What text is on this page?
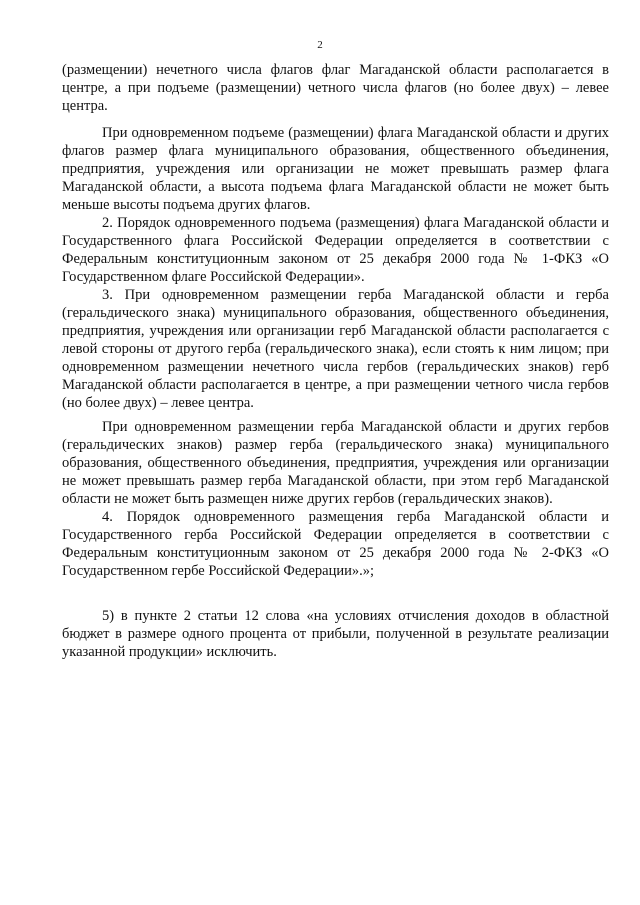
2

(размещении) нечетного числа флагов флаг Магаданской области располагается в центре, а при подъеме (размещении) четного числа флагов (но более двух) – левее центра.

При одновременном подъеме (размещении) флага Магаданской области и других флагов размер флага муниципального образования, общественного объединения, предприятия, учреждения или организации не может превышать размер флага Магаданской области, а высота подъема флага Магаданской области не может быть меньше высоты подъема других флагов.

2. Порядок одновременного подъема (размещения) флага Магаданской области и Государственного флага Российской Федерации определяется в соответствии с Федеральным конституционным законом от 25 декабря 2000 года № 1-ФКЗ «О Государственном флаге Российской Федерации».

3. При одновременном размещении герба Магаданской области и герба (геральдического знака) муниципального образования, общественного объединения, предприятия, учреждения или организации герб Магаданской области располагается с левой стороны от другого герба (геральдического знака), если стоять к ним лицом; при одновременном размещении нечетного числа гербов (геральдических знаков) герб Магаданской области располагается в центре, а при размещении четного числа гербов (но более двух) – левее центра.

При одновременном размещении герба Магаданской области и других гербов (геральдических знаков) размер герба (геральдического знака) муниципального образования, общественного объединения, предприятия, учреждения или организации не может превышать размер герба Магаданской области, при этом герб Магаданской области не может быть размещен ниже других гербов (геральдических знаков).

4. Порядок одновременного размещения герба Магаданской области и Государственного герба Российской Федерации определяется в соответствии с Федеральным конституционным законом от 25 декабря 2000 года № 2-ФКЗ «О Государственном гербе Российской Федерации».»;

5) в пункте 2 статьи 12 слова «на условиях отчисления доходов в областной бюджет в размере одного процента от прибыли, полученной в результате реализации указанной продукции» исключить.
